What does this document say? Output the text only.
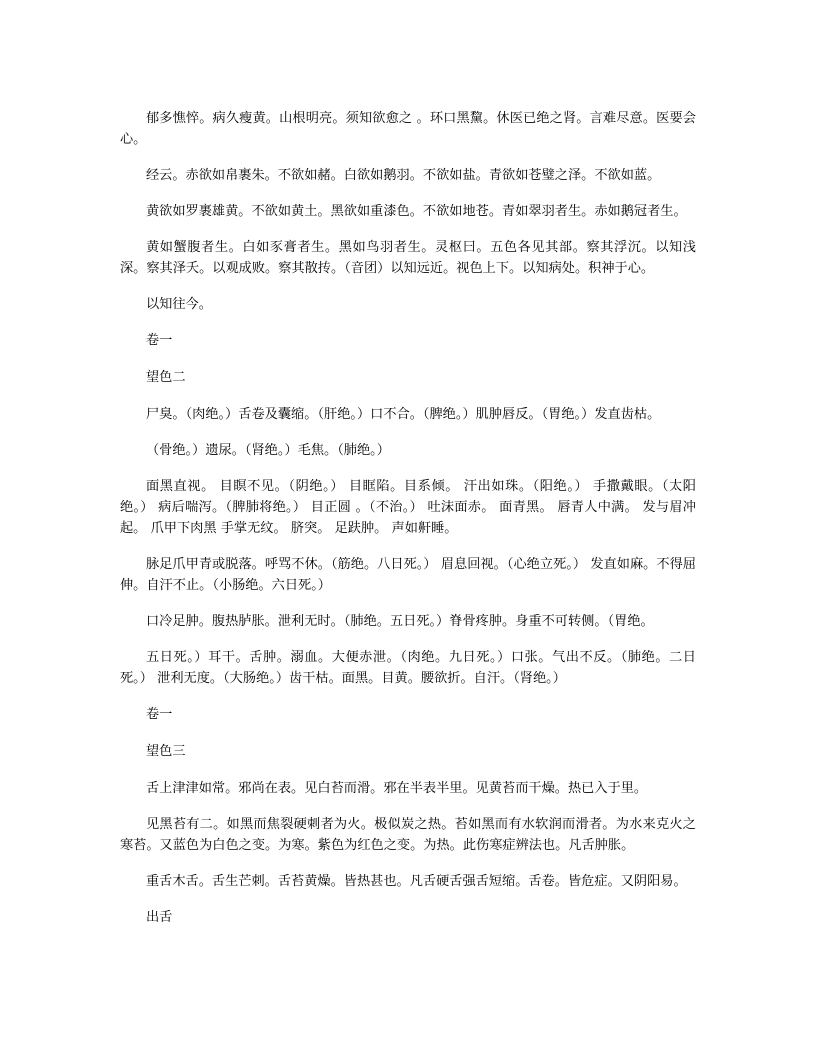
郁多憔悴。病久瘦黄。山根明亮。须知欲愈之 。环口黑黧。休医已绝之肾。言难尽意。医要会心。

经云。赤欲如帛裹朱。不欲如赭。白欲如鹅羽。不欲如盐。青欲如苍璧之泽。不欲如蓝。

黄欲如罗裹雄黄。不欲如黄土。黑欲如重漆色。不欲如地苍。青如翠羽者生。赤如鹅冠者生。

黄如蟹腹者生。白如豕膏者生。黑如鸟羽者生。灵枢曰。五色各见其部。察其浮沉。以知浅深。察其泽夭。以观成败。察其散抟。（音团）以知远近。视色上下。以知病处。积神于心。

以知往今。

卷一

望色二

尸臭。（肉绝。）舌卷及囊缩。（肝绝。）口不合。（脾绝。）肌肿唇反。（胃绝。）发直齿枯。

（骨绝。）遗尿。（肾绝。）毛焦。（肺绝。）

面黑直视。 目瞑不见。（阴绝。） 目眶陷。目系倾。 汗出如珠。（阳绝。） 手撒戴眼。（太阳绝。） 病后喘泻。（脾肺将绝。） 目正圆 。（不治。） 吐沫面赤。 面青黑。 唇青人中满。 发与眉冲起。 爪甲下肉黑 手掌无纹。 脐突。 足趺肿。 声如鼾睡。

脉足爪甲青或脱落。呼骂不休。（筋绝。八日死。） 眉息回视。（心绝立死。） 发直如麻。不得屈伸。自汗不止。（小肠绝。六日死。）

口冷足肿。腹热胪胀。泄利无时。（肺绝。五日死。）脊骨疼肿。身重不可转侧。（胃绝。

五日死。）耳干。舌肿。溺血。大便赤泄。（肉绝。九日死。）口张。气出不反。（肺绝。二日死。） 泄利无度。（大肠绝。）齿干枯。面黑。目黄。腰欲折。自汗。（肾绝。）

卷一

望色三

舌上津津如常。邪尚在表。见白苔而滑。邪在半表半里。见黄苔而干燥。热已入于里。

见黑苔有二。如黑而焦裂硬刺者为火。极似炭之热。苔如黑而有水软润而滑者。为水来克火之寒苔。又蓝色为白色之变。为寒。紫色为红色之变。为热。此伤寒症辨法也。凡舌肿胀。

重舌木舌。舌生芒刺。舌苔黄燥。皆热甚也。凡舌硬舌强舌短缩。舌卷。皆危症。又阴阳易。

出舌
